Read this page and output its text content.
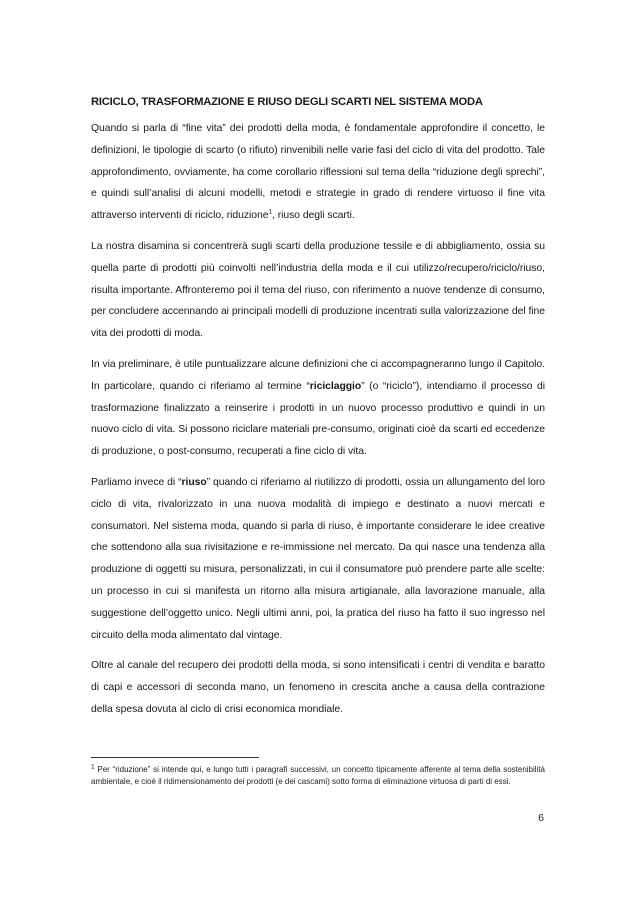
RICICLO, TRASFORMAZIONE E RIUSO DEGLI SCARTI NEL SISTEMA MODA

Quando si parla di “fine vita” dei prodotti della moda, è fondamentale approfondire il concetto, le definizioni, le tipologie di scarto (o rifiuto) rinvenibili nelle varie fasi del ciclo di vita del prodotto. Tale approfondimento, ovviamente, ha come corollario riflessioni sul tema della “riduzione degli sprechi”, e quindi sull’analisi di alcuni modelli, metodi e strategie in grado di rendere virtuoso il fine vita attraverso interventi di riciclo, riduzione$^1$, riuso degli scarti.

La nostra disamina si concentrerà sugli scarti della produzione tessile e di abbigliamento, ossia su quella parte di prodotti più coinvolti nell’industria della moda e il cui utilizzo/recupero/riciclo/riuso, risulta importante. Affronteremo poi il tema del riuso, con riferimento a nuove tendenze di consumo, per concludere accennando ai principali modelli di produzione incentrati sulla valorizzazione del fine vita dei prodotti di moda.

In via preliminare, è utile puntualizzare alcune definizioni che ci accompagneranno lungo il Capitolo. In particolare, quando ci riferiamo al termine “riciclaggio” (o “riciclo”), intendiamo il processo di trasformazione finalizzato a reinserire i prodotti in un nuovo processo produttivo e quindi in un nuovo ciclo di vita. Si possono riciclare materiali pre-consumo, originati cioè da scarti ed eccedenze di produzione, o post-consumo, recuperati a fine ciclo di vita.

Parliamo invece di “riuso” quando ci riferiamo al riutilizzo di prodotti, ossia un allungamento del loro ciclo di vita, rivalorizzato in una nuova modalità di impiego e destinato a nuovi mercati e consumatori. Nel sistema moda, quando si parla di riuso, è importante considerare le idee creative che sottendono alla sua rivisitazione e re-immissione nel mercato. Da qui nasce una tendenza alla produzione di oggetti su misura, personalizzati, in cui il consumatore può prendere parte alle scelte: un processo in cui si manifesta un ritorno alla misura artigianale, alla lavorazione manuale, alla suggestione dell’oggetto unico. Negli ultimi anni, poi, la pratica del riuso ha fatto il suo ingresso nel circuito della moda alimentato dal vintage.

Oltre al canale del recupero dei prodotti della moda, si sono intensificati i centri di vendita e baratto di capi e accessori di seconda mano, un fenomeno in crescita anche a causa della contrazione della spesa dovuta al ciclo di crisi economica mondiale.

$^1$ Per “riduzione” si intende qui, e lungo tutti i paragrafi successivi, un concetto tipicamente afferente al tema della sostenibilità ambientale, e cioè il ridimensionamento dei prodotti (e dei cascami) sotto forma di eliminazione virtuosa di parti di essi.
6
